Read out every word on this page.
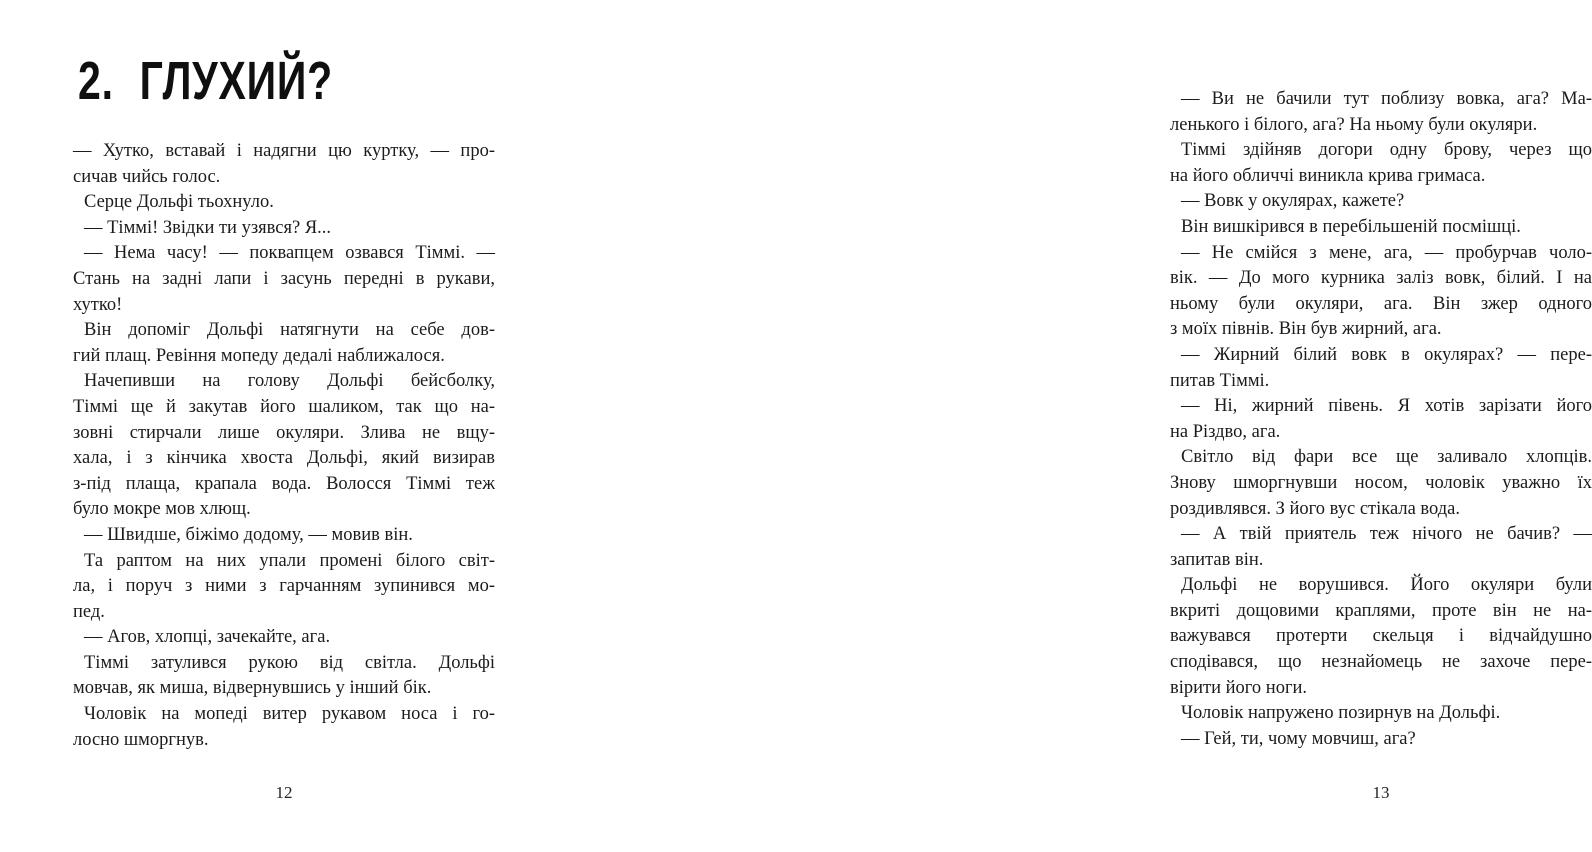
2. ГЛУХИЙ?
— Хутко, вставай і надягни цю куртку, — про-
сичав чийсь голос.
Серце Дольфі тьохнуло.
— Тіммі! Звідки ти узявся? Я...
— Нема часу! — поквапцем озвався Тіммі. —
Стань на задні лапи і засунь передні в рукави,
хутко!
Він допоміг Дольфі натягнути на себе дов-
гий плащ. Ревіння мопеду дедалі наближалося.
Начепивши на голову Дольфі бейсболку,
Тіммі ще й закутав його шаликом, так що на-
зовні стирчали лише окуляри. Злива не вщу-
хала, і з кінчика хвоста Дольфі, який визирав
з-під плаща, крапала вода. Волосся Тіммі теж
було мокре мов хлющ.
— Швидше, біжімо додому, — мовив він.
Та раптом на них упали промені білого світ-
ла, і поруч з ними з гарчанням зупинився мо-
пед.
— Агов, хлопці, зачекайте, ага.
Тіммі затулився рукою від світла. Дольфі
мовчав, як миша, відвернувшись у інший бік.
Чоловік на мопеді витер рукавом носа і го-
лосно шморгнув.
12
— Ви не бачили тут поблизу вовка, ага? Ма-
ленького і білого, ага? На ньому були окуляри.
Тіммі здійняв догори одну брову, через що
на його обличчі виникла крива гримаса.
— Вовк у окулярах, кажете?
Він вишкірився в перебільшеній посмішці.
— Не смійся з мене, ага, — пробурчав чоло-
вік. — До мого курника заліз вовк, білий. І на
ньому були окуляри, ага. Він зжер одного
з моїх півнів. Він був жирний, ага.
— Жирний білий вовк в окулярах? — пере-
питав Тіммі.
— Ні, жирний півень. Я хотів зарізати його
на Різдво, ага.
Світло від фари все ще заливало хлопців.
Знову шморгнувши носом, чоловік уважно їх
роздивлявся. З його вус стікала вода.
— А твій приятель теж нічого не бачив? —
запитав він.
Дольфі не ворушився. Його окуляри були
вкриті дощовими краплями, проте він не на-
важувався протерти скельця і відчайдушно
сподівався, що незнайомець не захоче пере-
вірити його ноги.
Чоловік напружено позирнув на Дольфі.
— Гей, ти, чому мовчиш, ага?
13
